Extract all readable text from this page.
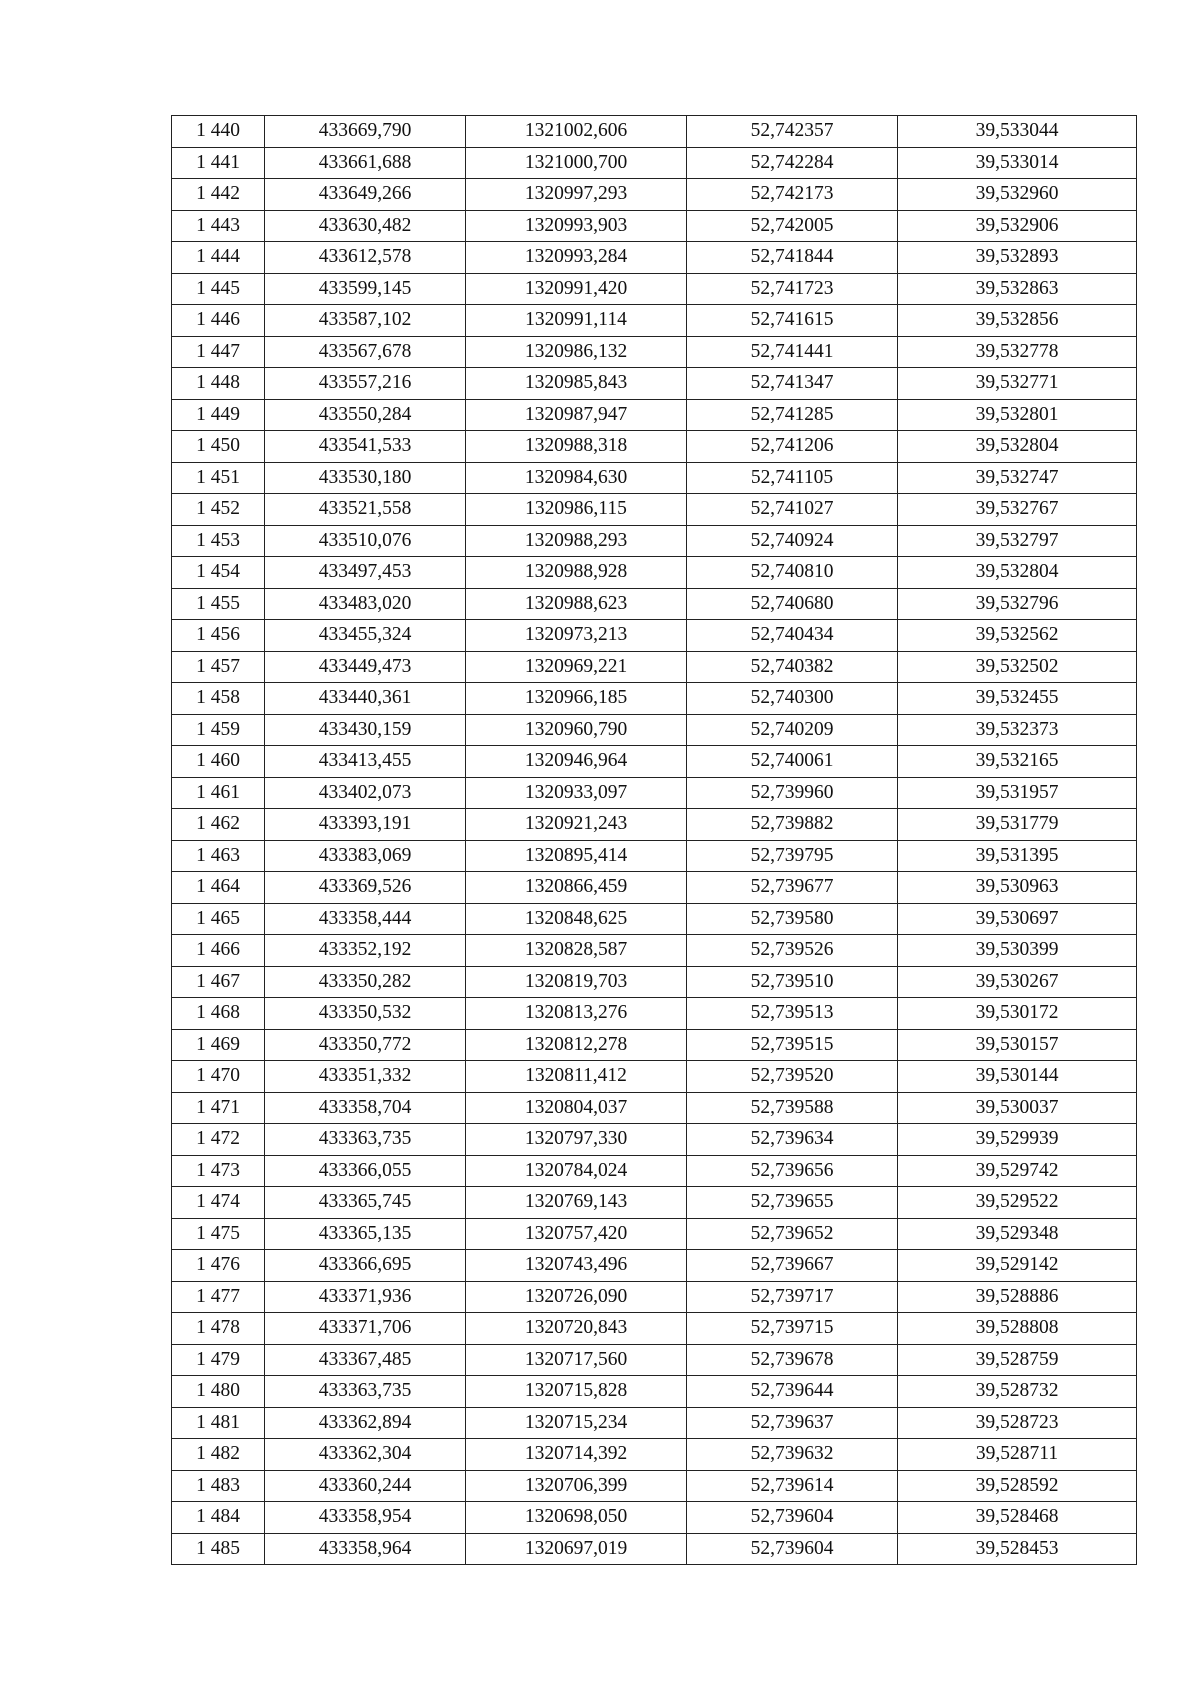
1 440	433669,790	1321002,606	52,742357	39,533044
1 441	433661,688	1321000,700	52,742284	39,533014
1 442	433649,266	1320997,293	52,742173	39,532960
1 443	433630,482	1320993,903	52,742005	39,532906
1 444	433612,578	1320993,284	52,741844	39,532893
1 445	433599,145	1320991,420	52,741723	39,532863
1 446	433587,102	1320991,114	52,741615	39,532856
1 447	433567,678	1320986,132	52,741441	39,532778
1 448	433557,216	1320985,843	52,741347	39,532771
1 449	433550,284	1320987,947	52,741285	39,532801
1 450	433541,533	1320988,318	52,741206	39,532804
1 451	433530,180	1320984,630	52,741105	39,532747
1 452	433521,558	1320986,115	52,741027	39,532767
1 453	433510,076	1320988,293	52,740924	39,532797
1 454	433497,453	1320988,928	52,740810	39,532804
1 455	433483,020	1320988,623	52,740680	39,532796
1 456	433455,324	1320973,213	52,740434	39,532562
1 457	433449,473	1320969,221	52,740382	39,532502
1 458	433440,361	1320966,185	52,740300	39,532455
1 459	433430,159	1320960,790	52,740209	39,532373
1 460	433413,455	1320946,964	52,740061	39,532165
1 461	433402,073	1320933,097	52,739960	39,531957
1 462	433393,191	1320921,243	52,739882	39,531779
1 463	433383,069	1320895,414	52,739795	39,531395
1 464	433369,526	1320866,459	52,739677	39,530963
1 465	433358,444	1320848,625	52,739580	39,530697
1 466	433352,192	1320828,587	52,739526	39,530399
1 467	433350,282	1320819,703	52,739510	39,530267
1 468	433350,532	1320813,276	52,739513	39,530172
1 469	433350,772	1320812,278	52,739515	39,530157
1 470	433351,332	1320811,412	52,739520	39,530144
1 471	433358,704	1320804,037	52,739588	39,530037
1 472	433363,735	1320797,330	52,739634	39,529939
1 473	433366,055	1320784,024	52,739656	39,529742
1 474	433365,745	1320769,143	52,739655	39,529522
1 475	433365,135	1320757,420	52,739652	39,529348
1 476	433366,695	1320743,496	52,739667	39,529142
1 477	433371,936	1320726,090	52,739717	39,528886
1 478	433371,706	1320720,843	52,739715	39,528808
1 479	433367,485	1320717,560	52,739678	39,528759
1 480	433363,735	1320715,828	52,739644	39,528732
1 481	433362,894	1320715,234	52,739637	39,528723
1 482	433362,304	1320714,392	52,739632	39,528711
1 483	433360,244	1320706,399	52,739614	39,528592
1 484	433358,954	1320698,050	52,739604	39,528468
1 485	433358,964	1320697,019	52,739604	39,528453
